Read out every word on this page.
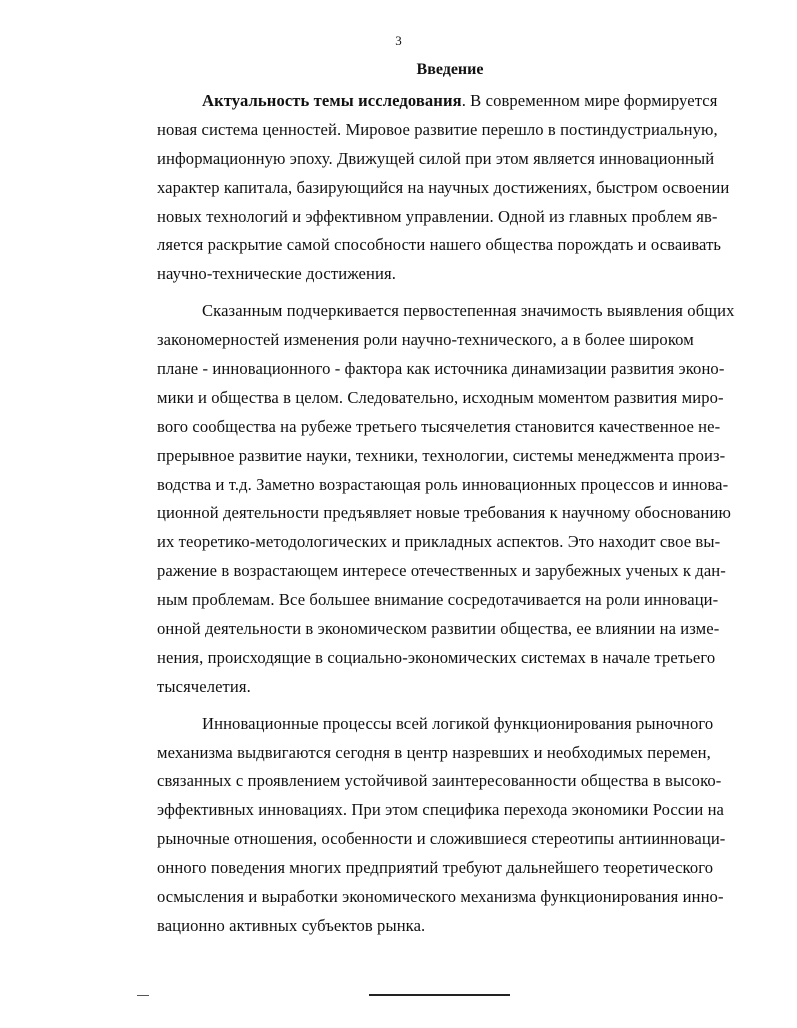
3
Введение

Актуальность темы исследования. В современном мире формируется
новая система ценностей. Мировое развитие перешло в постиндустриальную,
информационную эпоху. Движущей силой при этом является инновационный
характер капитала, базирующийся на научных достижениях, быстром освоении
новых технологий и эффективном управлении. Одной из главных проблем яв-
ляется раскрытие самой способности нашего общества порождать и осваивать
научно-технические достижения.

Сказанным подчеркивается первостепенная значимость выявления общих
закономерностей изменения роли научно-технического, а в более широком
плане - инновационного - фактора как источника динамизации развития эконо-
мики и общества в целом. Следовательно, исходным моментом развития миро-
вого сообщества на рубеже третьего тысячелетия становится качественное не-
прерывное развитие науки, техники, технологии, системы менеджмента произ-
водства и т.д. Заметно возрастающая роль инновационных процессов и иннова-
ционной деятельности предъявляет новые требования к научному обоснованию
их теоретико-методологических и прикладных аспектов. Это находит свое вы-
ражение в возрастающем интересе отечественных и зарубежных ученых к дан-
ным проблемам. Все большее внимание сосредотачивается на роли инноваци-
онной деятельности в экономическом развитии общества, ее влиянии на изме-
нения, происходящие в социально-экономических системах в начале третьего
тысячелетия.

Инновационные процессы всей логикой функционирования рыночного
механизма выдвигаются сегодня в центр назревших и необходимых перемен,
связанных с проявлением устойчивой заинтересованности общества в высоко-
эффективных инновациях. При этом специфика перехода экономики России на
рыночные отношения, особенности и сложившиеся стереотипы антиинноваци-
онного поведения многих предприятий требуют дальнейшего теоретического
осмысления и выработки экономического механизма функционирования инно-
вационно активных субъектов рынка.
